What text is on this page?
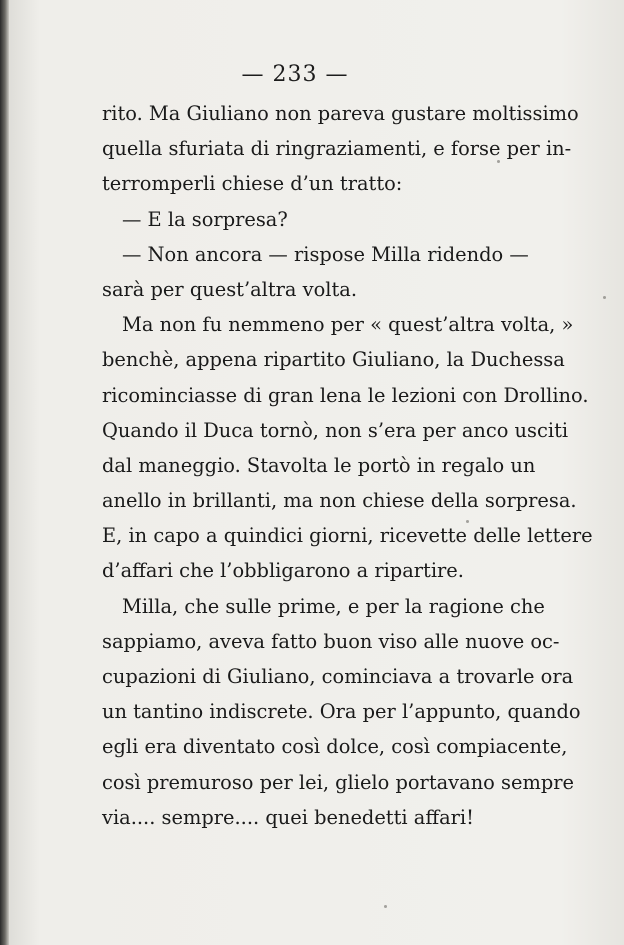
— 233 —
rito. Ma Giuliano non pareva gustare moltissimo
quella sfuriata di ringraziamenti, e forse per in-
terromperli chiese d’un tratto:
— E la sorpresa?
— Non ancora — rispose Milla ridendo —
sarà per quest’altra volta.
Ma non fu nemmeno per « quest’altra volta, »
benchè, appena ripartito Giuliano, la Duchessa
ricominciasse di gran lena le lezioni con Drollino.
Quando il Duca tornò, non s’era per anco usciti
dal maneggio. Stavolta le portò in regalo un
anello in brillanti, ma non chiese della sorpresa.
E, in capo a quindici giorni, ricevette delle lettere
d’affari che l’obbligarono a ripartire.
Milla, che sulle prime, e per la ragione che
sappiamo, aveva fatto buon viso alle nuove oc-
cupazioni di Giuliano, cominciava a trovarle ora
un tantino indiscrete. Ora per l’appunto, quando
egli era diventato così dolce, così compiacente,
così premuroso per lei, glielo portavano sempre
via.... sempre.... quei benedetti affari!
